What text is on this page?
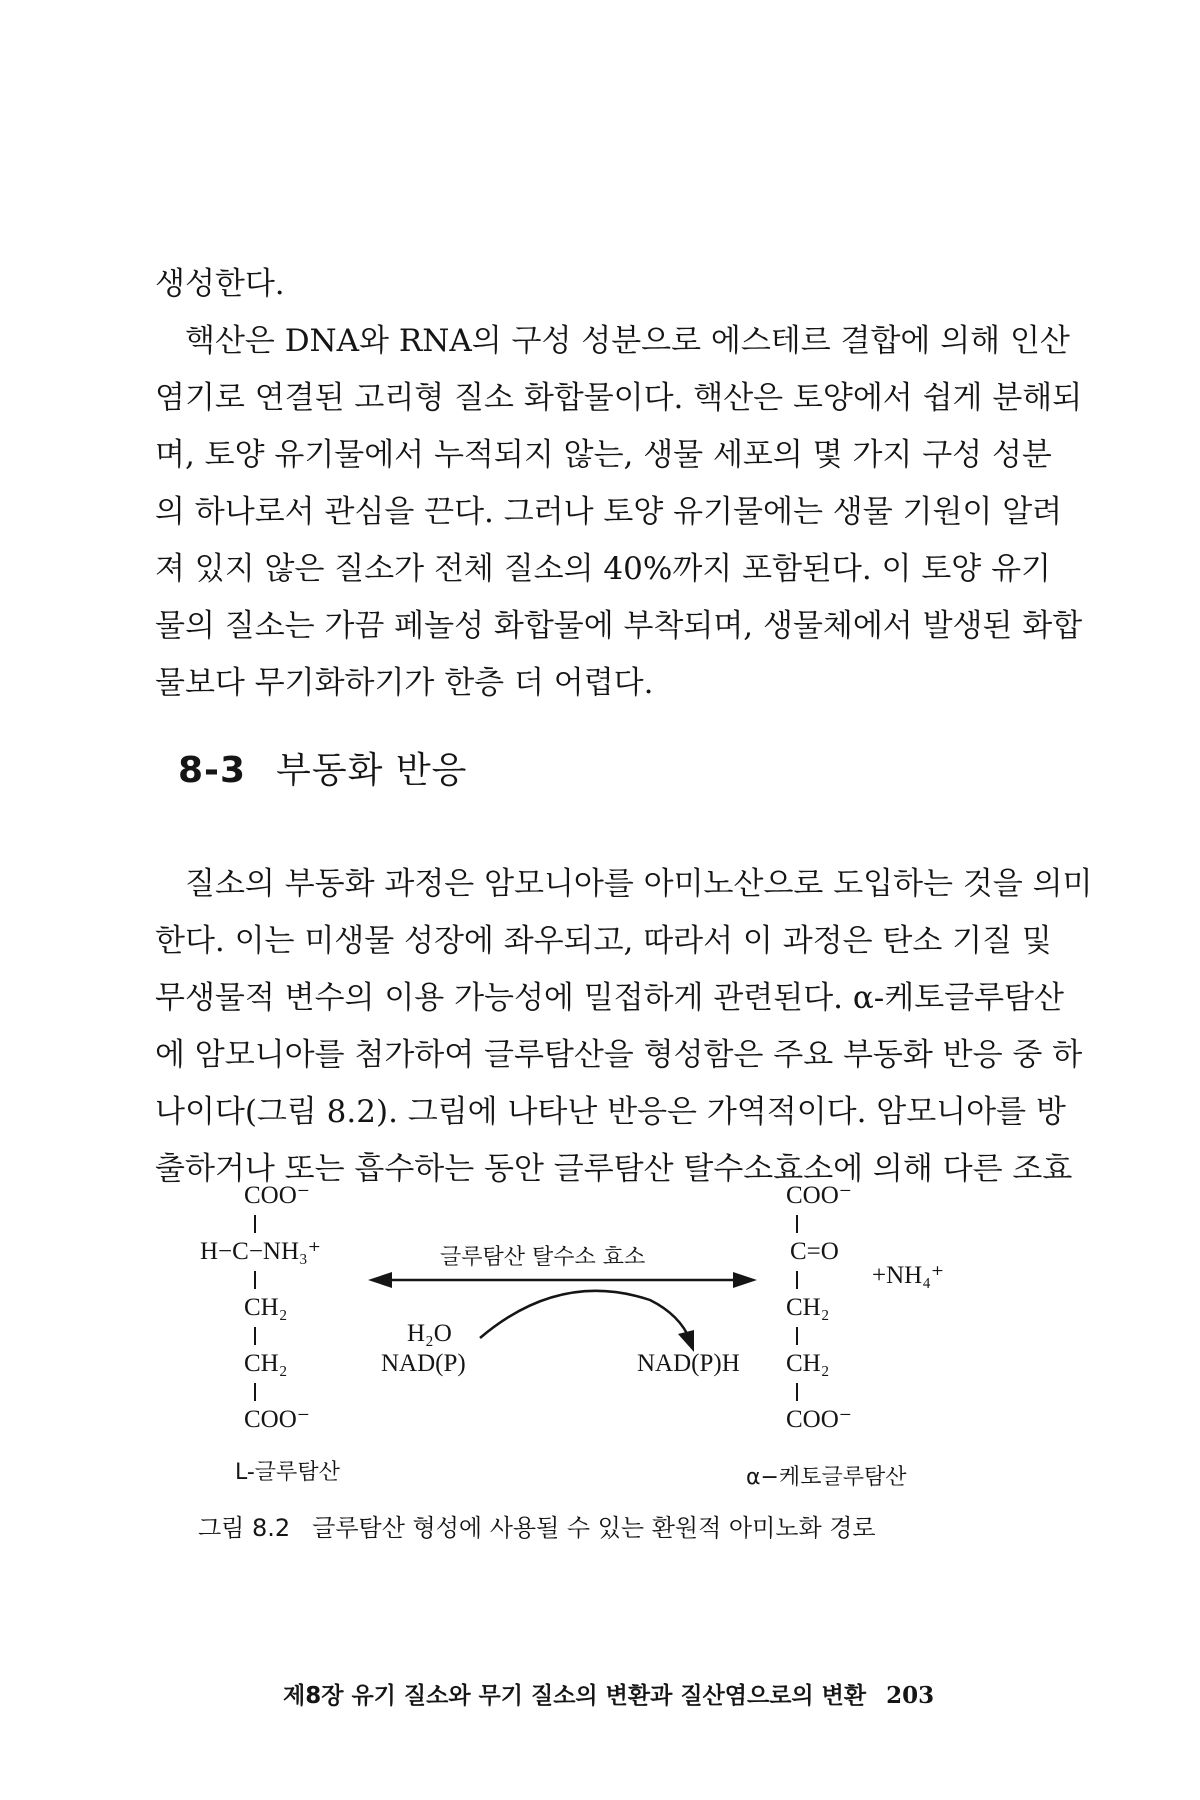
생성한다.
핵산은 DNA와 RNA의 구성 성분으로 에스테르 결합에 의해 인산
염기로 연결된 고리형 질소 화합물이다. 핵산은 토양에서 쉽게 분해되
며, 토양 유기물에서 누적되지 않는, 생물 세포의 몇 가지 구성 성분
의 하나로서 관심을 끈다. 그러나 토양 유기물에는 생물 기원이 알려
져 있지 않은 질소가 전체 질소의 40%까지 포함된다. 이 토양 유기
물의 질소는 가끔 페놀성 화합물에 부착되며, 생물체에서 발생된 화합
물보다 무기화하기가 한층 더 어렵다.
8-3 부동화 반응
질소의 부동화 과정은 암모니아를 아미노산으로 도입하는 것을 의미
한다. 이는 미생물 성장에 좌우되고, 따라서 이 과정은 탄소 기질 및
무생물적 변수의 이용 가능성에 밀접하게 관련된다. α-케토글루탐산
에 암모니아를 첨가하여 글루탐산을 형성함은 주요 부동화 반응 중 하
나이다(그림 8.2). 그림에 나타난 반응은 가역적이다. 암모니아를 방
출하거나 또는 흡수하는 동안 글루탐산 탈수소효소에 의해 다른 조효
COO⁻
H−C−NH₃⁺
CH₂
CH₂
COO⁻
L-글루탐산
글루탐산 탈수소 효소
H₂O
NAD(P)	NAD(P)H
COO⁻
C=O
CH₂
CH₂
COO⁻
α−케토글루탐산
+NH₄⁺
그림 8.2 글루탐산 형성에 사용될 수 있는 환원적 아미노화 경로
제8장 유기 질소와 무기 질소의 변환과 질산염으로의 변환 203
